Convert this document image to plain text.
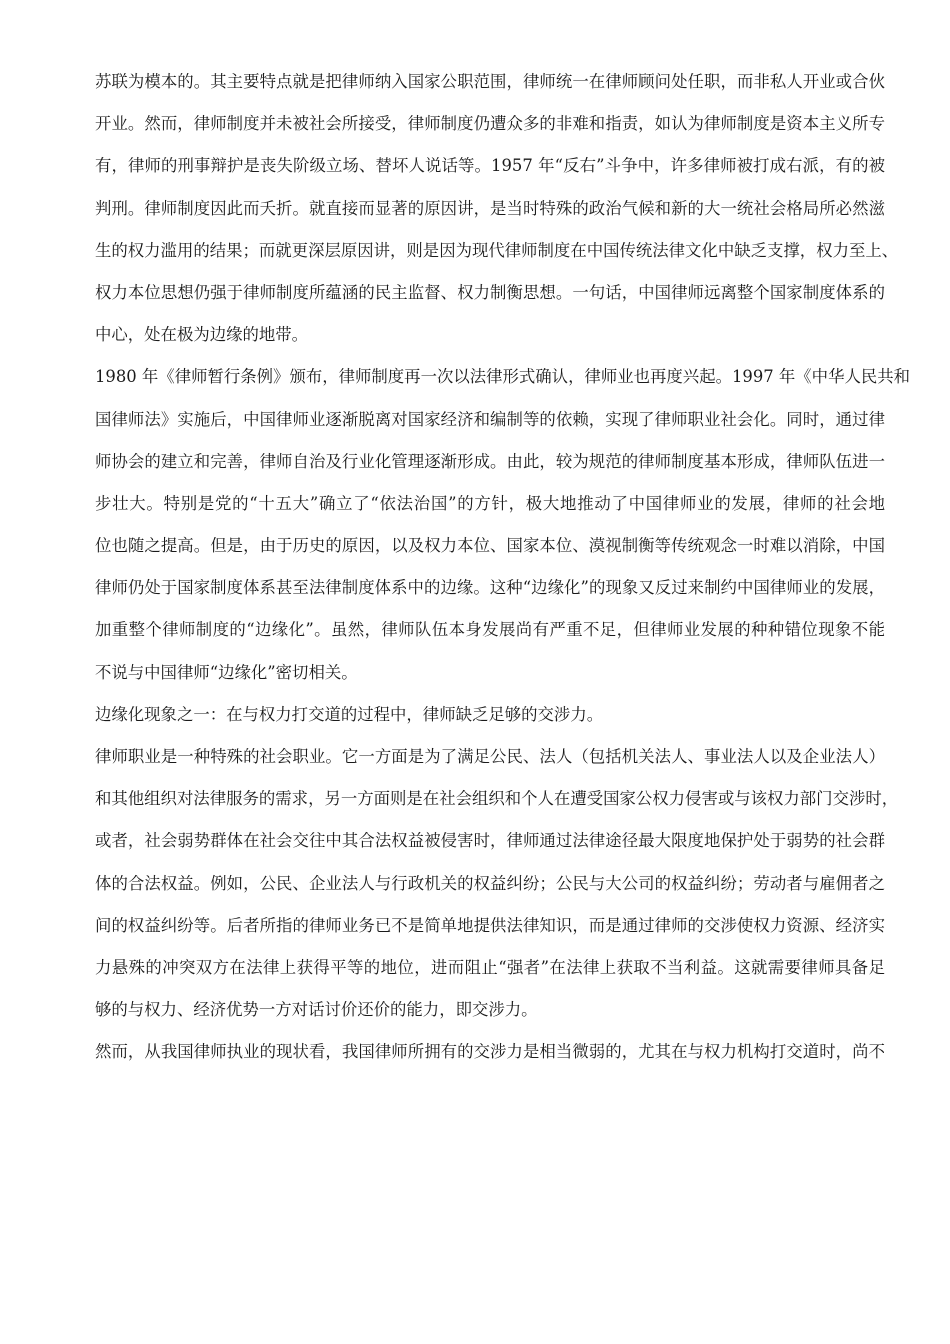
苏联为模本的。其主要特点就是把律师纳入国家公职范围，律师统一在律师顾问处任职，而非私人开业或合伙
开业。然而，律师制度并未被社会所接受，律师制度仍遭众多的非难和指责，如认为律师制度是资本主义所专
有，律师的刑事辩护是丧失阶级立场、替坏人说话等。1957 年“反右”斗争中，许多律师被打成右派，有的被
判刑。律师制度因此而夭折。就直接而显著的原因讲，是当时特殊的政治气候和新的大一统社会格局所必然滋
生的权力滥用的结果；而就更深层原因讲，则是因为现代律师制度在中国传统法律文化中缺乏支撑，权力至上、
权力本位思想仍强于律师制度所蕴涵的民主监督、权力制衡思想。一句话，中国律师远离整个国家制度体系的
中心，处在极为边缘的地带。

1980 年《律师暂行条例》颁布，律师制度再一次以法律形式确认，律师业也再度兴起。1997 年《中华人民共和
国律师法》实施后，中国律师业逐渐脱离对国家经济和编制等的依赖，实现了律师职业社会化。同时，通过律
师协会的建立和完善，律师自治及行业化管理逐渐形成。由此，较为规范的律师制度基本形成，律师队伍进一
步壮大。特别是党的“十五大”确立了“依法治国”的方针，极大地推动了中国律师业的发展，律师的社会地
位也随之提高。但是，由于历史的原因，以及权力本位、国家本位、漠视制衡等传统观念一时难以消除，中国
律师仍处于国家制度体系甚至法律制度体系中的边缘。这种“边缘化”的现象又反过来制约中国律师业的发展，
加重整个律师制度的“边缘化”。虽然，律师队伍本身发展尚有严重不足，但律师业发展的种种错位现象不能
不说与中国律师“边缘化”密切相关。

边缘化现象之一：在与权力打交道的过程中，律师缺乏足够的交涉力。

律师职业是一种特殊的社会职业。它一方面是为了满足公民、法人（包括机关法人、事业法人以及企业法人）
和其他组织对法律服务的需求，另一方面则是在社会组织和个人在遭受国家公权力侵害或与该权力部门交涉时，
或者，社会弱势群体在社会交往中其合法权益被侵害时，律师通过法律途径最大限度地保护处于弱势的社会群
体的合法权益。例如，公民、企业法人与行政机关的权益纠纷；公民与大公司的权益纠纷；劳动者与雇佣者之
间的权益纠纷等。后者所指的律师业务已不是简单地提供法律知识，而是通过律师的交涉使权力资源、经济实
力悬殊的冲突双方在法律上获得平等的地位，进而阻止“强者”在法律上获取不当利益。这就需要律师具备足
够的与权力、经济优势一方对话讨价还价的能力，即交涉力。

然而，从我国律师执业的现状看，我国律师所拥有的交涉力是相当微弱的，尤其在与权力机构打交道时，尚不
